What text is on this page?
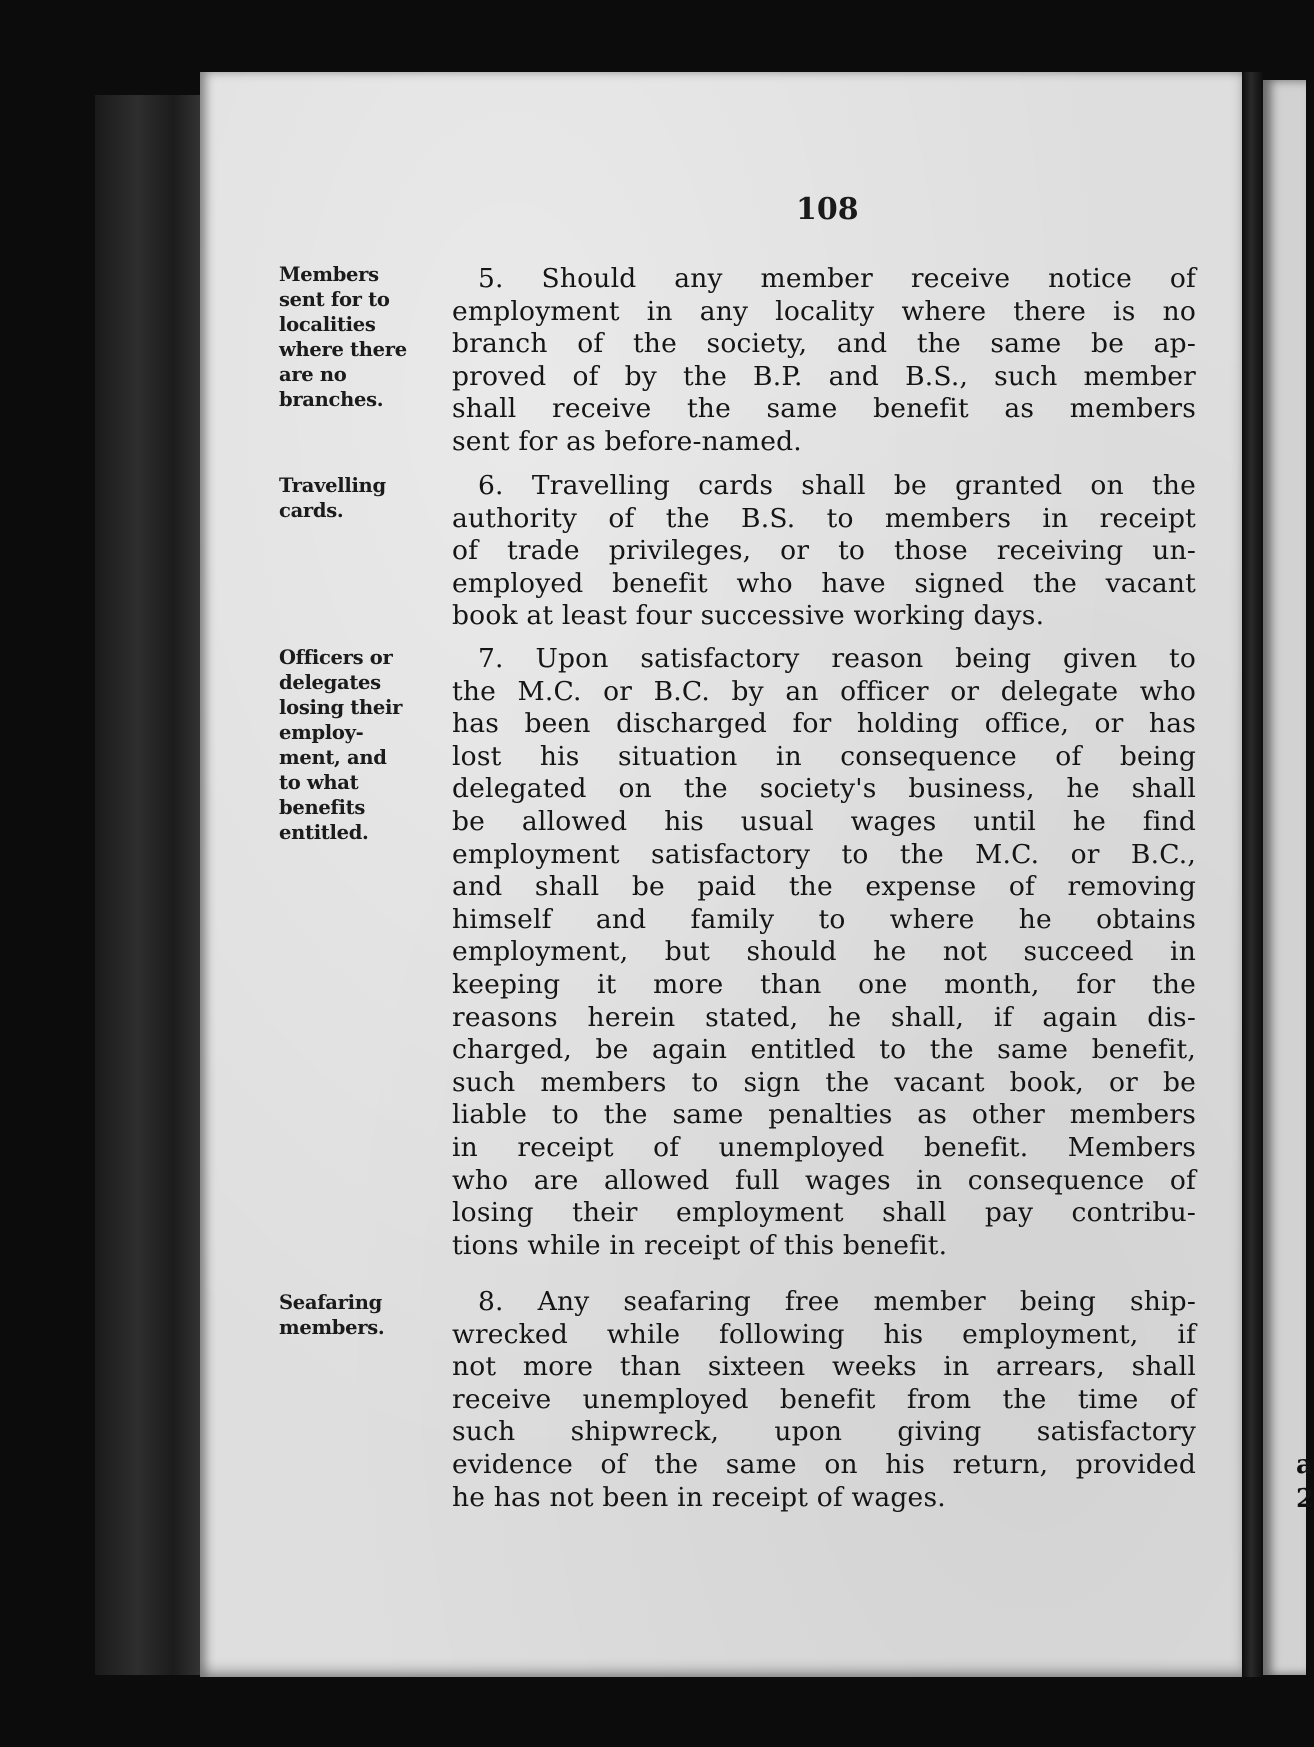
a
2
108
Members
sent for to
localities
where there
are no
branches.
5. Should any member receive notice of
employment in any locality where there is no
branch of the society, and the same be ap-
proved of by the B.P. and B.S., such member
shall receive the same benefit as members
sent for as before-named.
Travelling
cards.
6. Travelling cards shall be granted on the
authority of the B.S. to members in receipt
of trade privileges, or to those receiving un-
employed benefit who have signed the vacant
book at least four successive working days.
Officers or
delegates
losing their
employ-
ment, and
to what
benefits
entitled.
7. Upon satisfactory reason being given to
the M.C. or B.C. by an officer or delegate who
has been discharged for holding office, or has
lost his situation in consequence of being
delegated on the society's business, he shall
be allowed his usual wages until he find
employment satisfactory to the M.C. or B.C.,
and shall be paid the expense of removing
himself and family to where he obtains
employment, but should he not succeed in
keeping it more than one month, for the
reasons herein stated, he shall, if again dis-
charged, be again entitled to the same benefit,
such members to sign the vacant book, or be
liable to the same penalties as other members
in receipt of unemployed benefit. Members
who are allowed full wages in consequence of
losing their employment shall pay contribu-
tions while in receipt of this benefit.
Seafaring
members.
8. Any seafaring free member being ship-
wrecked while following his employment, if
not more than sixteen weeks in arrears, shall
receive unemployed benefit from the time of
such shipwreck, upon giving satisfactory
evidence of the same on his return, provided
he has not been in receipt of wages.
